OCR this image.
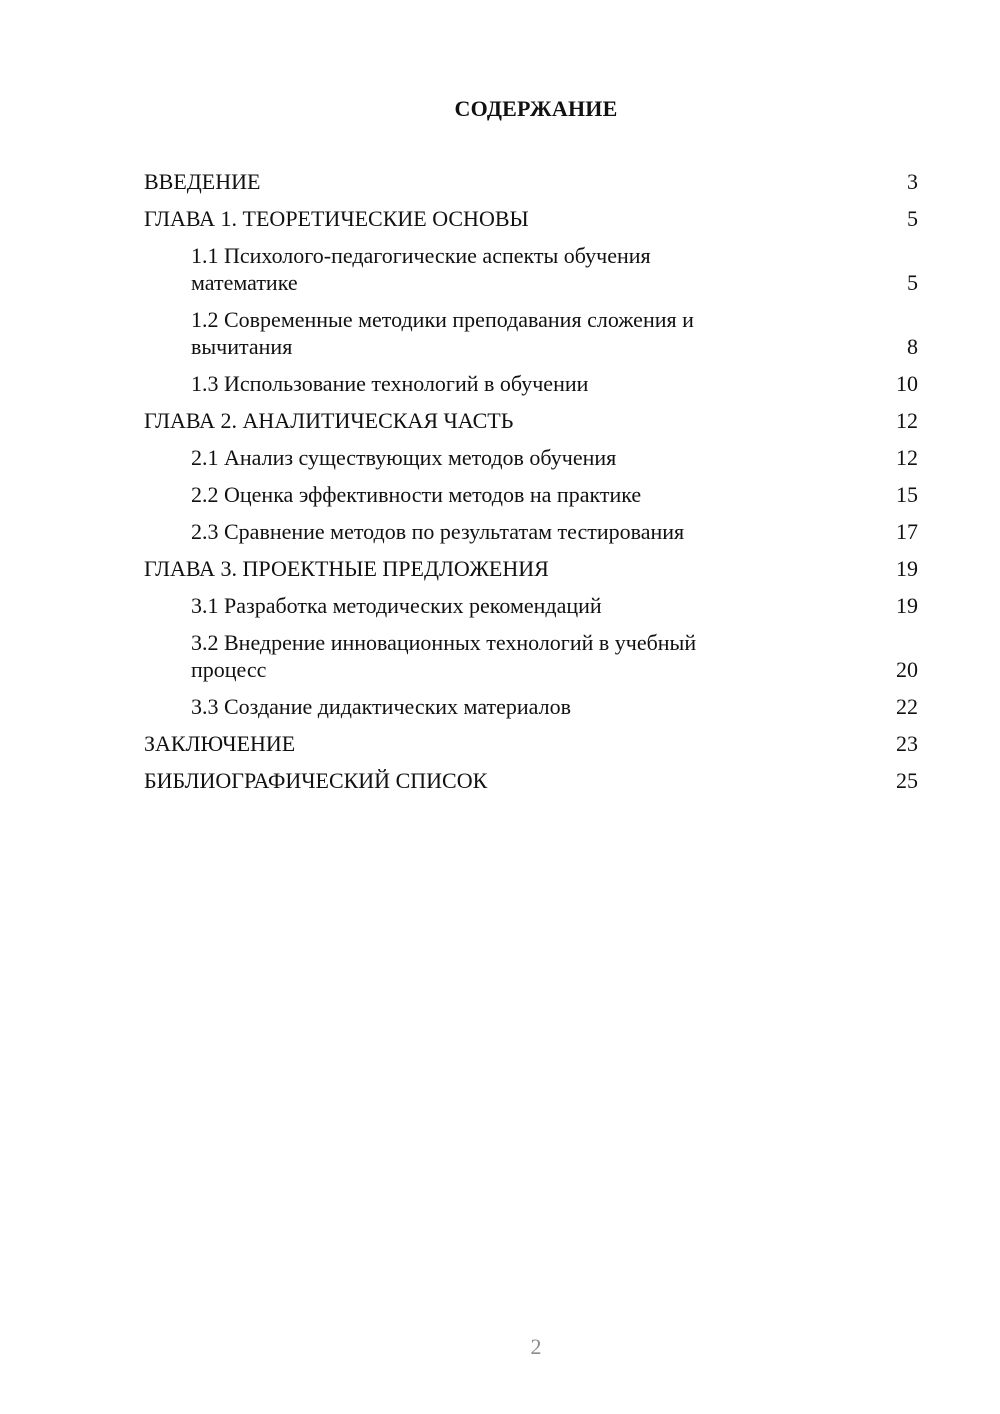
СОДЕРЖАНИЕ
ВВЕДЕНИЕ	3
ГЛАВА 1. ТЕОРЕТИЧЕСКИЕ ОСНОВЫ	5
1.1 Психолого-педагогические аспекты обучения
математике	5
1.2 Современные методики преподавания сложения и
вычитания	8
1.3 Использование технологий в обучении	10
ГЛАВА 2. АНАЛИТИЧЕСКАЯ ЧАСТЬ	12
2.1 Анализ существующих методов обучения	12
2.2 Оценка эффективности методов на практике	15
2.3 Сравнение методов по результатам тестирования	17
ГЛАВА 3. ПРОЕКТНЫЕ ПРЕДЛОЖЕНИЯ	19
3.1 Разработка методических рекомендаций	19
3.2 Внедрение инновационных технологий в учебный
процесс	20
3.3 Создание дидактических материалов	22
ЗАКЛЮЧЕНИЕ	23
БИБЛИОГРАФИЧЕСКИЙ СПИСОК	25
2
